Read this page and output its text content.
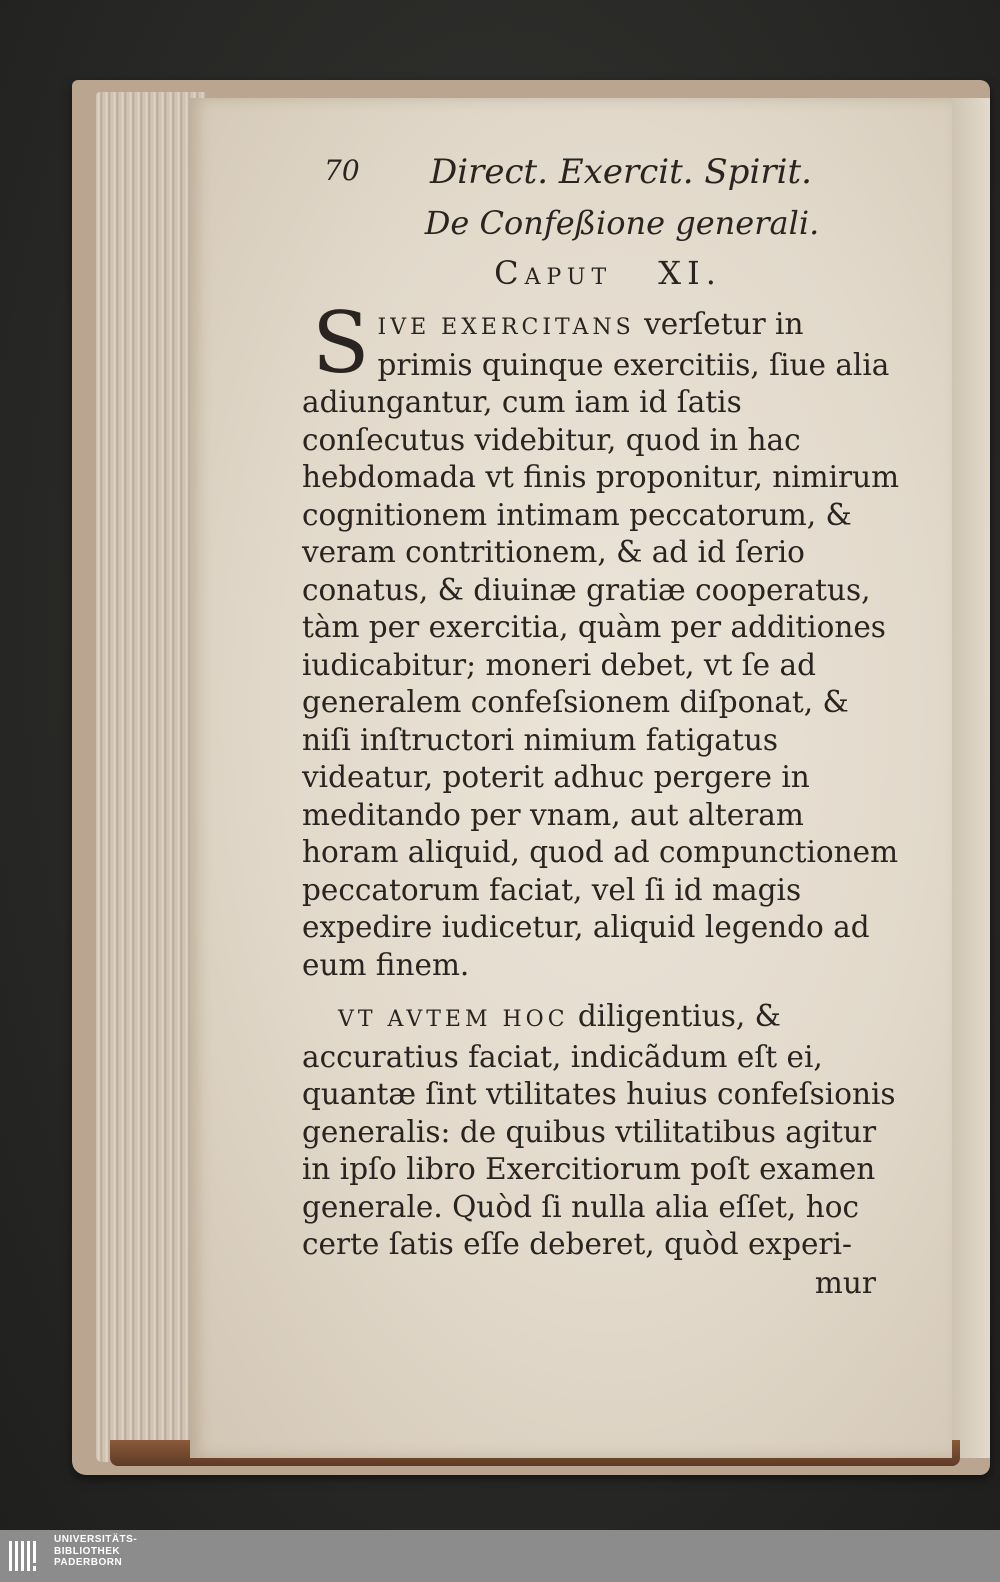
70 Direct. Exercit. Spirit.
De Confeßione generali.
Caput XI.

SIVE EXERCITANS verſetur in primis quinque exercitiis, ſiue alia adiungantur, cum iam id ſatis conſecutus videbitur, quod in hac hebdomada vt finis proponitur, nimirum cognitionem intimam peccatorum, & veram contritionem, & ad id ſerio conatus, & diuinæ gratiæ cooperatus, tàm per exercitia, quàm per additiones iudicabitur; moneri debet, vt ſe ad generalem confeſsionem diſponat, & niſi inſtructori nimium fatigatus videatur, poterit adhuc pergere in meditando per vnam, aut alteram horam aliquid, quod ad compunctionem peccatorum faciat, vel ſi id magis expedire iudicetur, aliquid legendo ad eum finem.

VT AVTEM HOC diligentius, & accuratius faciat, indicãdum eſt ei, quantæ ſint vtilitates huius confeſsionis generalis: de quibus vtilitatibus agitur in ipſo libro Exercitiorum poſt examen generale. Quòd ſi nulla alia eſſet, hoc certe ſatis eſſe deberet, quòd experi-

mur
UNIVERSITÄTS-
BIBLIOTHEK
PADERBORN
